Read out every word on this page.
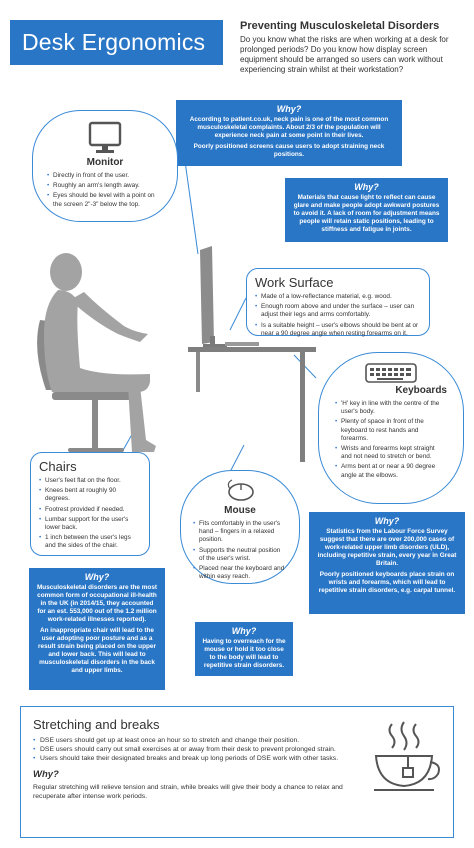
Desk Ergonomics
Preventing Musculoskeletal Disorders
Do you know what the risks are when working at a desk for prolonged periods? Do you know how display screen equipment should be arranged so users can work without experiencing strain whilst at their workstation?
Why?

According to patient.co.uk, neck pain is one of the most common musculoskeletal complaints. About 2/3 of the population will experience neck pain at some point in their lives.

Poorly positioned screens cause users to adopt straining neck positions.

Monitor
• Directly in front of the user.
• Roughly an arm's length away.
• Eyes should be level with a point on the screen 2"-3" below the top.
Why?

Materials that cause light to reflect can cause glare and make people adopt awkward postures to avoid it. A lack of room for adjustment means people will retain static positions, leading to stiffness and fatigue in joints.

Work Surface
• Made of a low-reflectance material, e.g. wood.
• Enough room above and under the surface – user can adjust their legs and arms comfortably.
• Is a suitable height – user's elbows should be bent at or near a 90 degree angle when resting forearms on it.
Keyboards
• 'H' key in line with the centre of the user's body.
• Plenty of space in front of the keyboard to rest hands and forearms.
• Wrists and forearms kept straight and not need to stretch or bend.
• Arms bent at or near a 90 degree angle at the elbows.
Chairs
• User's feet flat on the floor.
• Knees bent at roughly 90 degrees.
• Footrest provided if needed.
• Lumbar support for the user's lower back.
• 1 inch between the user's legs and the sides of the chair.
Mouse
• Fits comfortably in the user's hand – fingers in a relaxed position.
• Supports the neutral position of the user's wrist.
• Placed near the keyboard and within easy reach.
Why?

Statistics from the Labour Force Survey suggest that there are over 200,000 cases of work-related upper limb disorders (ULD), including repetitive strain, every year in Great Britain.

Poorly positioned keyboards place strain on wrists and forearms, which will lead to repetitive strain disorders, e.g. carpal tunnel.

Why?

Musculoskeletal disorders are the most common form of occupational ill-health in the UK (in 2014/15, they accounted for an est. 553,000 out of the 1.2 million work-related illnesses reported).

An inappropriate chair will lead to the user adopting poor posture and as a result strain being placed on the upper and lower back. This will lead to musculoskeletal disorders in the back and upper limbs.

Why?

Having to overreach for the mouse or hold it too close to the body will lead to repetitive strain disorders.

Stretching and breaks
• DSE users should get up at least once an hour so to stretch and change their position.
• DSE users should carry out small exercises at or away from their desk to prevent prolonged strain.
• Users should take their designated breaks and break up long periods of DSE work with other tasks.
Why?
Regular stretching will relieve tension and strain, while breaks will give their body a chance to relax and recuperate after intense work periods.
